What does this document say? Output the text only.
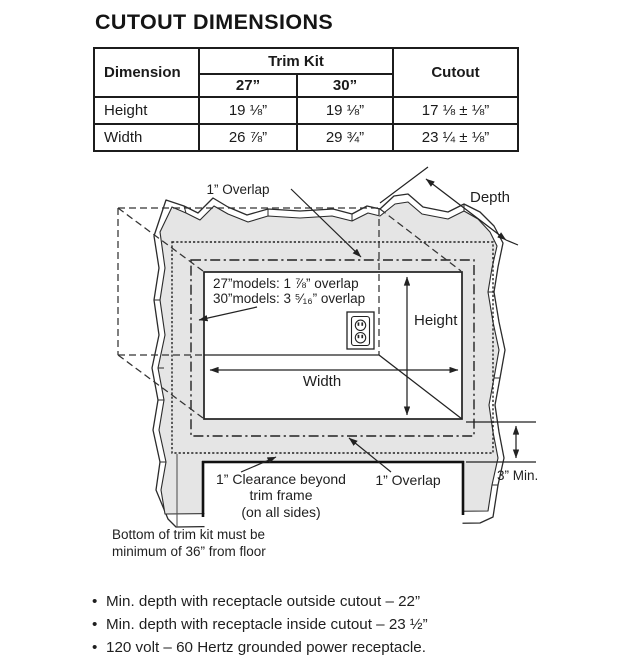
CUTOUT DIMENSIONS
Dimension	Trim Kit		Cutout
	27”	30”	
Height	19 ⅛”	19 ⅛”	17 ⅛ ± ⅛”
Width	26 ⅞”	29 ¾”	23 ¼ ± ⅛”
Depth
1” Overlap
27”models: 1 ⅞” overlap
30”models: 3 ⁵⁄₁₆” overlap
Height
Width
3” Min.
1” Clearance beyond
trim frame
(on all sides)
1” Overlap
Bottom of trim kit must be
minimum of 36” from floor
• Min. depth with receptacle outside cutout – 22”
• Min. depth with receptacle inside cutout – 23 ½”
• 120 volt – 60 Hertz grounded power receptacle.
